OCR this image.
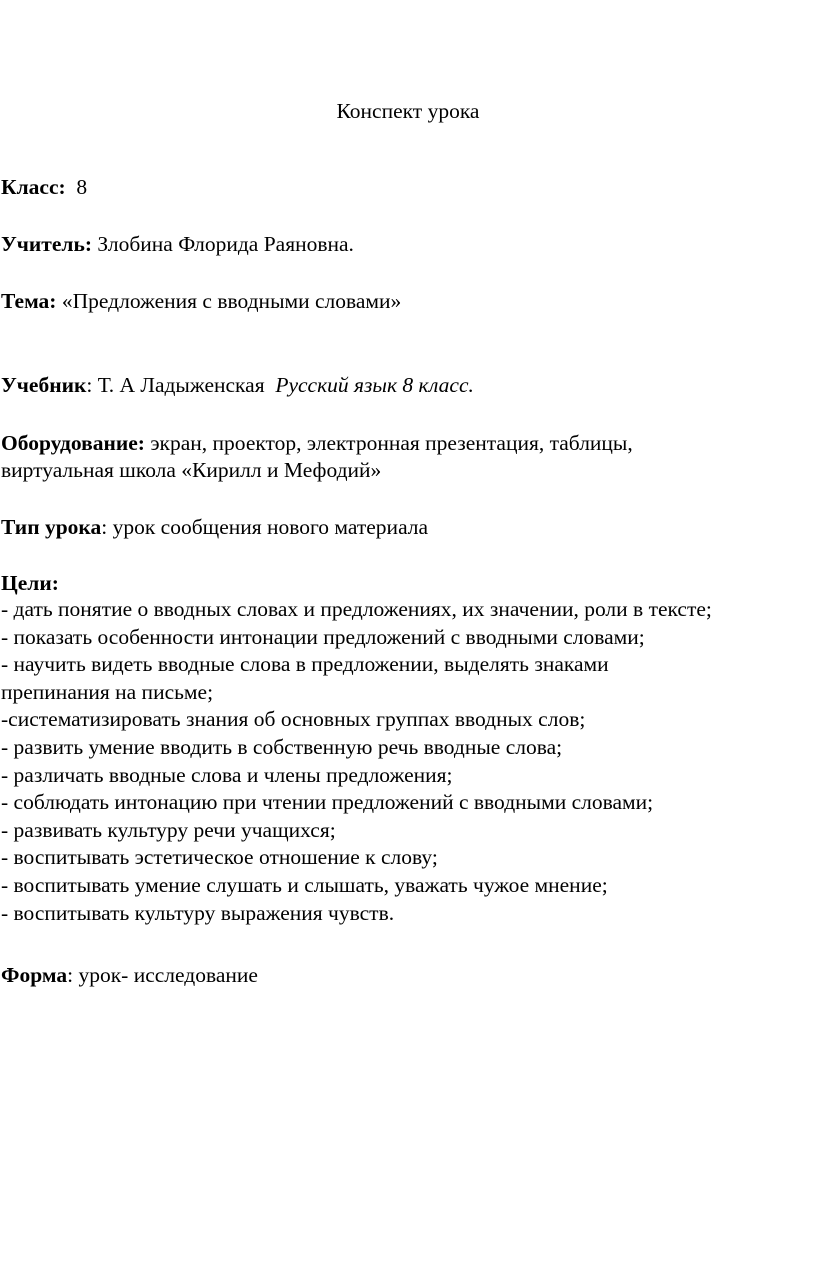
Конспект урока
Класс: 8
Учитель: Злобина Флорида Раяновна.
Тема: «Предложения с вводными словами»
Учебник: Т. А Ладыженская Русский язык 8 класс.
Оборудование: экран, проектор, электронная презентация, таблицы,
виртуальная школа «Кирилл и Мефодий»
Тип урока: урок сообщения нового материала
Цели:
- дать понятие о вводных словах и предложениях, их значении, роли в тексте;
- показать особенности интонации предложений с вводными словами;
- научить видеть вводные слова в предложении, выделять знаками
препинания на письме;
-систематизировать знания об основных группах вводных слов;
- развить умение вводить в собственную речь вводные слова;
- различать вводные слова и члены предложения;
- соблюдать интонацию при чтении предложений с вводными словами;
- развивать культуру речи учащихся;
- воспитывать эстетическое отношение к слову;
- воспитывать умение слушать и слышать, уважать чужое мнение;
- воспитывать культуру выражения чувств.
Форма: урок- исследование
